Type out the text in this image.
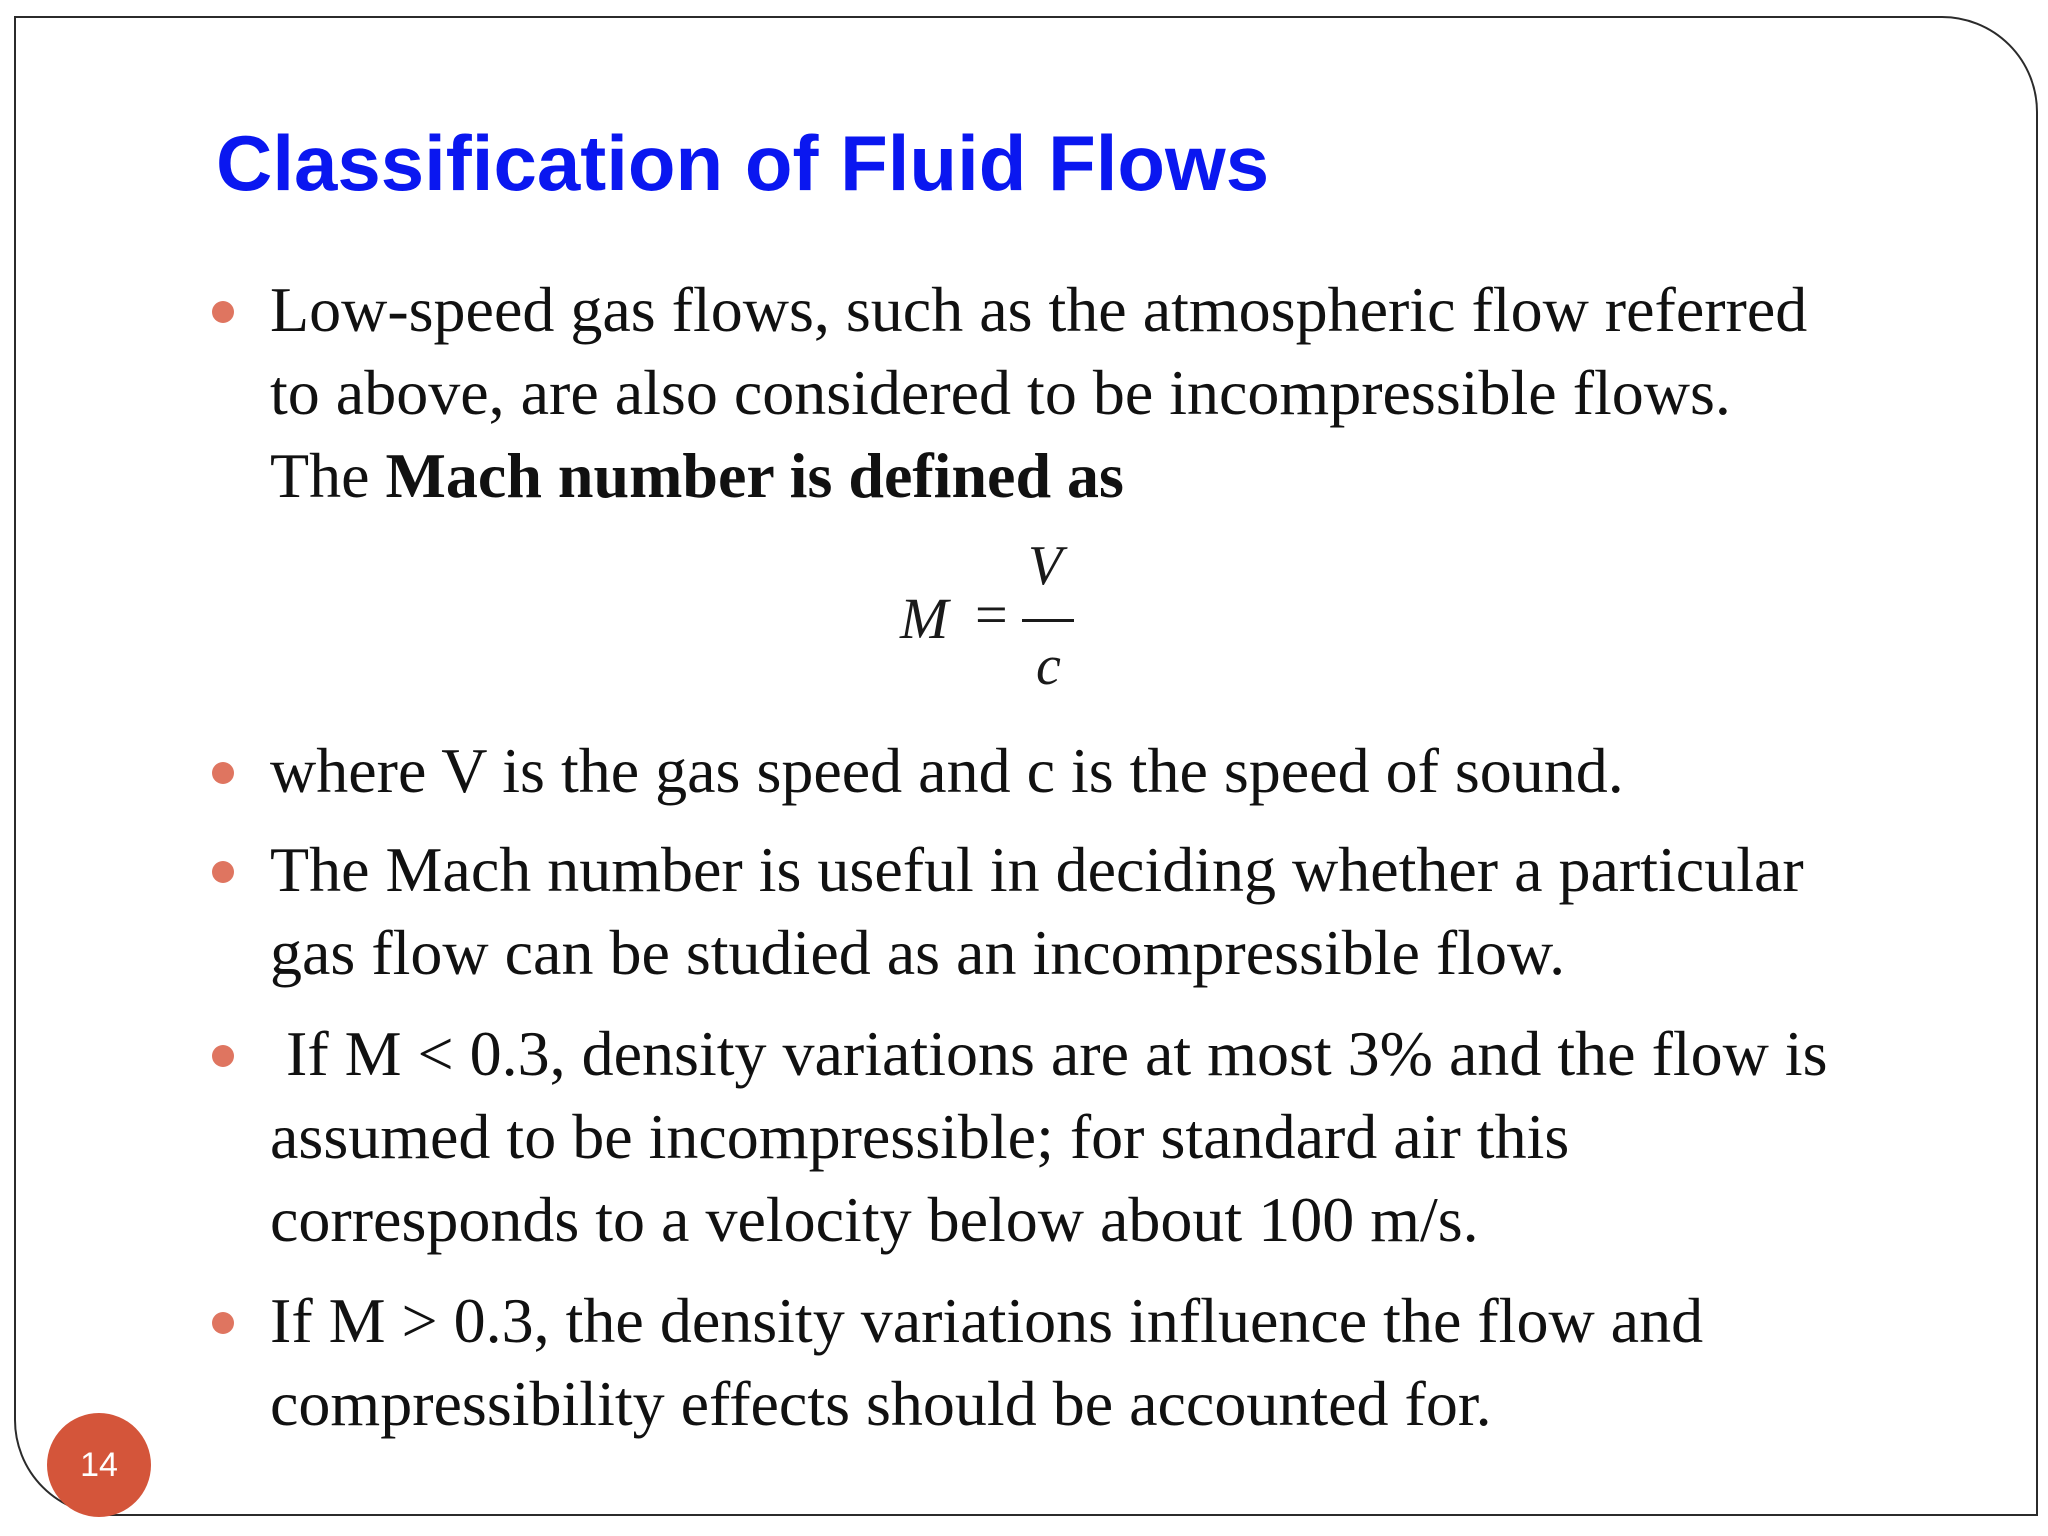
Classification of Fluid Flows
Low-speed gas flows, such as the atmospheric flow referred
to above, are also considered to be incompressible flows.
The Mach number is defined as
M =
V
c
where V is the gas speed and c is the speed of sound.
The Mach number is useful in deciding whether a particular
gas flow can be studied as an incompressible flow.
If M < 0.3, density variations are at most 3% and the flow is
assumed to be incompressible; for standard air this
corresponds to a velocity below about 100 m/s.
If M > 0.3, the density variations influence the flow and
compressibility effects should be accounted for.
14
